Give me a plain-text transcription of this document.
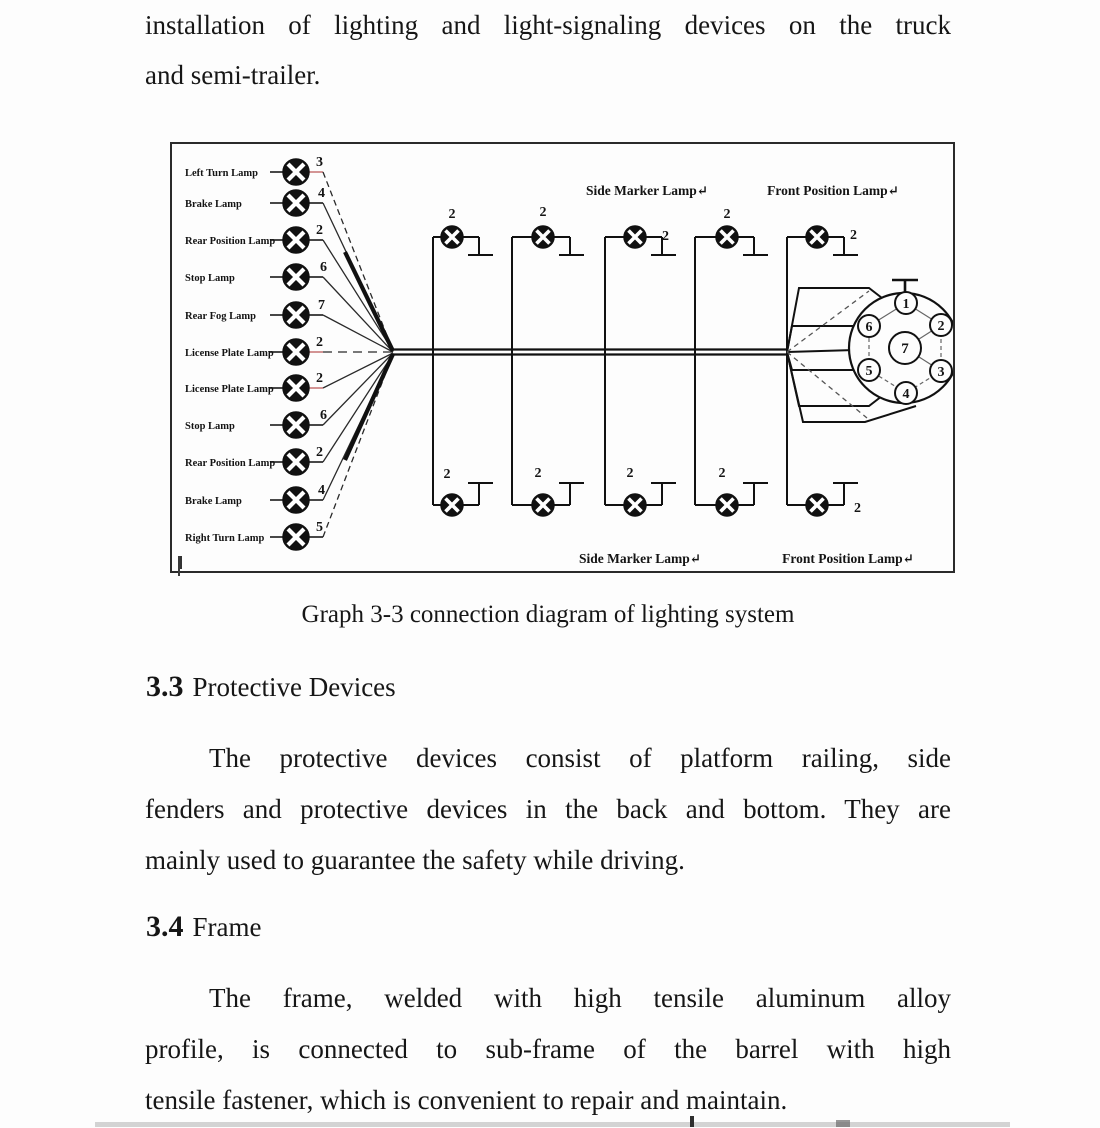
installation of lighting and light-signaling devices on the truck
and semi-trailer.
Left Turn Lamp
Brake Lamp
Rear Position Lamp
Stop Lamp
Rear Fog Lamp
License Plate Lamp
License Plate Lamp
Stop Lamp
Rear Position Lamp
Brake Lamp
Right Turn Lamp
3
4
2
6
7
2
2
6
2
4
5
2	2
2
2
2
2	2	2	2
2
Side Marker Lamp↵	Front Position Lamp↵
Side Marker Lamp↵	Front Position Lamp↵
1
2
3
4
5
6
7
Graph 3-3 connection diagram of lighting system
3.3 Protective Devices
The protective devices consist of platform railing, side
fenders and protective devices in the back and bottom. They are
mainly used to guarantee the safety while driving.
3.4 Frame
The frame, welded with high tensile aluminum alloy
profile, is connected to sub-frame of the barrel with high
tensile fastener, which is convenient to repair and maintain.
